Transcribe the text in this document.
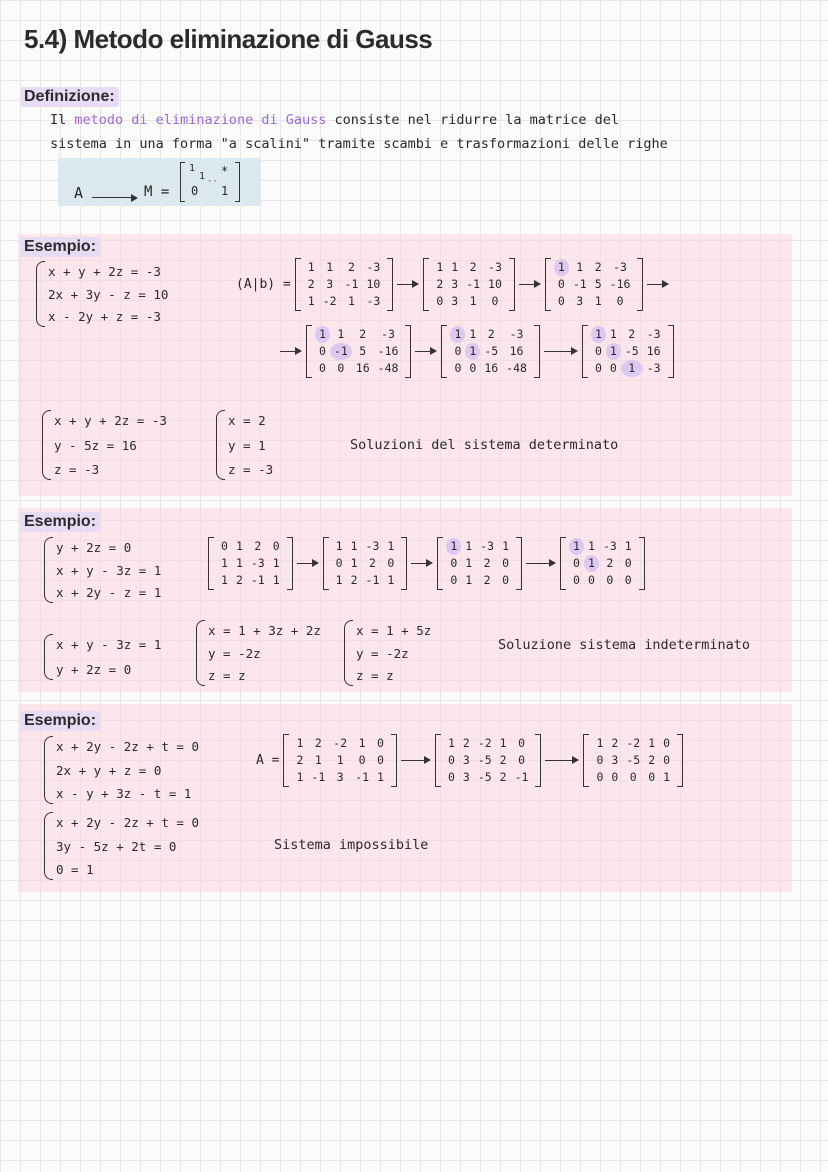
5.4) Metodo eliminazione di Gauss
Definizione:
Il metodo di eliminazione di Gauss consiste nel ridurre la matrice del
sistema in una forma "a scalini" tramite scambi e trasformazioni delle righe
A	M =
1
1 *
··
0 1
Esempio:
x + y + 2z = -3
2x + 3y - z = 10
x - 2y + z = -3
(A|b) =
1	1	2	-3
2	3	-1	10
1	-2	1	-3
1	1	2	-3
2	3	-1	10
0	3	1	0
1	1	2	-3
0	-1	5	-16
0	3	1	0
1	1	2	-3
0	-1	5	-16
0	0	16	-48
1	1	2	-3
0	1	-5	16
0	0	16	-48
1	1	2	-3
0	1	-5	16
0	0	1	-3
x + y + 2z = -3
y - 5z = 16
z = -3
x = 2
y = 1
z = -3
Soluzioni del sistema determinato
Esempio:
y + 2z = 0
x + y - 3z = 1
x + 2y - z = 1
0	1	2	0
1	1	-3	1
1	2	-1	1
1	1	-3	1
0	1	2	0
1	2	-1	1
1	1	-3	1
0	1	2	0
0	1	2	0
1	1	-3	1
0	1	2	0
0	0	0	0
x + y - 3z = 1
y + 2z = 0
x = 1 + 3z + 2z
y = -2z
z = z
x = 1 + 5z
y = -2z
z = z
Soluzione sistema indeterminato
Esempio:
x + 2y - 2z + t = 0
2x + y + z = 0
x - y + 3z - t = 1
A =
1	2	-2	1	0
2	1	1	0	0
1	-1	3	-1	1
1	2	-2	1	0
0	3	-5	2	0
0	3	-5	2	-1
1	2	-2	1	0
0	3	-5	2	0
0	0	0	0	1
x + 2y - 2z + t = 0
3y - 5z + 2t = 0
0 = 1
Sistema impossibile
